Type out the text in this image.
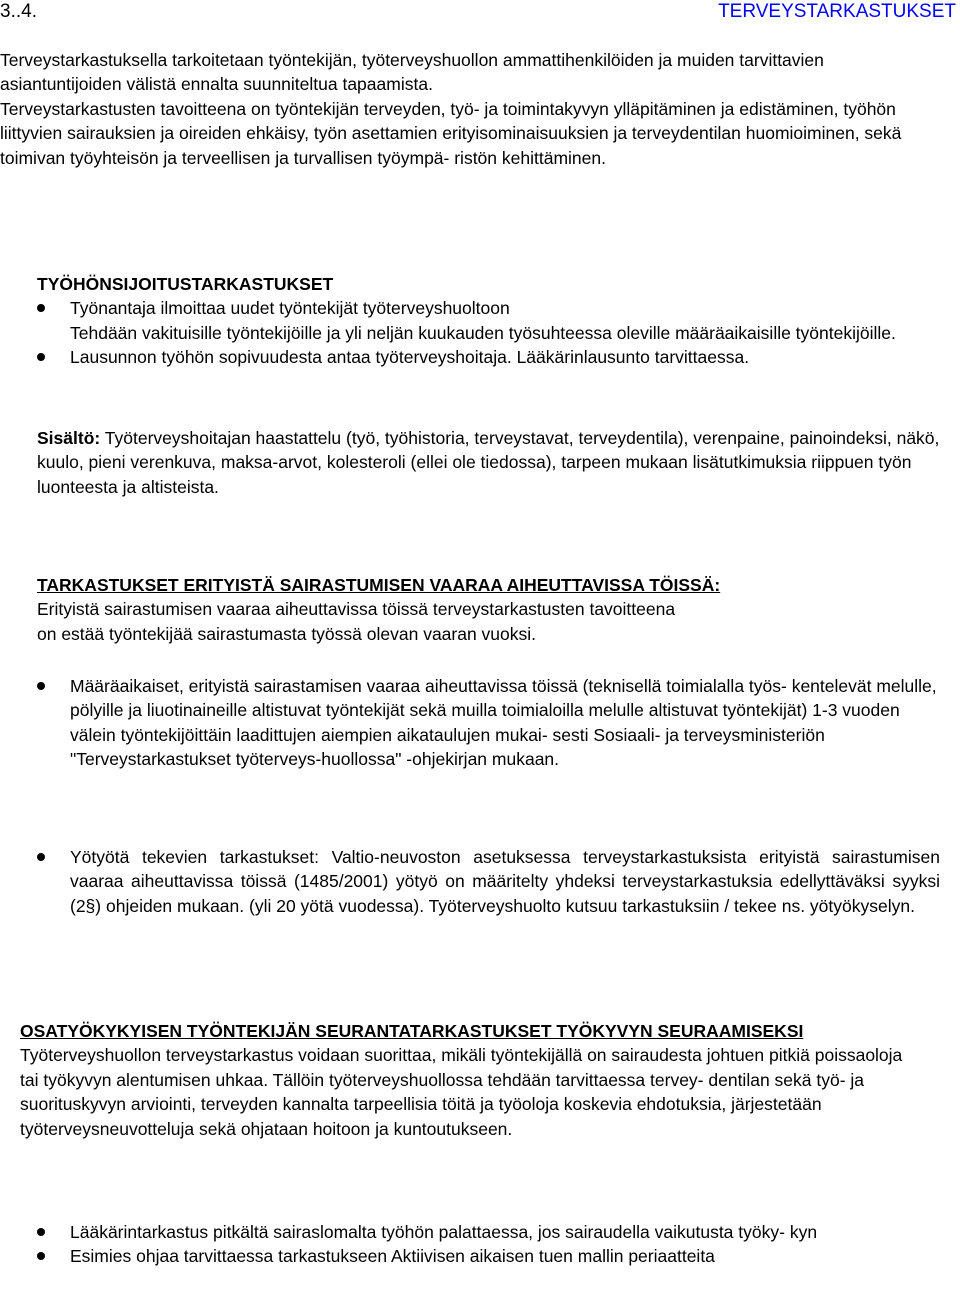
3..4.	TERVEYSTARKASTUKSET

Terveystarkastuksella tarkoitetaan työntekijän, työterveyshuollon ammattihenkilöiden ja muiden tarvittavien asiantuntijoiden välistä ennalta suunniteltua tapaamista.

Terveystarkastusten tavoitteena on työntekijän terveyden, työ- ja toimintakyvyn ylläpitäminen ja edistäminen, työhön liittyvien sairauksien ja oireiden ehkäisy, työn asettamien erityisominaisuuksien ja terveydentilan huomioiminen, sekä toimivan työyhteisön ja terveellisen ja turvallisen työympä- ristön kehittäminen.

TYÖHÖNSIJOITUSTARKASTUKSET

Työnantaja ilmoittaa uudet työntekijät työterveyshuoltoon

Tehdään vakituisille työntekijöille ja yli neljän kuukauden työsuhteessa oleville määräaikaisille työntekijöille.

Lausunnon työhön sopivuudesta antaa työterveyshoitaja. Lääkärinlausunto tarvittaessa.

Sisältö: Työterveyshoitajan haastattelu (työ, työhistoria, terveystavat, terveydentila), verenpaine, painoindeksi, näkö, kuulo, pieni verenkuva, maksa-arvot, kolesteroli (ellei ole tiedossa), tarpeen mukaan lisätutkimuksia riippuen työn luonteesta ja altisteista.

TARKASTUKSET ERITYISTÄ SAIRASTUMISEN VAARAA AIHEUTTAVISSA TÖISSÄ:

Erityistä sairastumisen vaaraa aiheuttavissa töissä terveystarkastusten tavoitteena

on estää työntekijää sairastumasta työssä olevan vaaran vuoksi.

Määräaikaiset, erityistä sairastamisen vaaraa aiheuttavissa töissä (teknisellä toimialalla työs- kentelevät melulle, pölyille ja liuotinaineille altistuvat työntekijät sekä muilla toimialoilla melulle altistuvat työntekijät) 1-3 vuoden välein työntekijöittäin laadittujen aiempien aikataulujen mukai- sesti Sosiaali- ja terveysministeriön "Terveystarkastukset työterveys-huollossa" -ohjekirjan mukaan.
Yötyötä tekevien tarkastukset: Valtio-neuvoston asetuksessa terveystarkastuksista erityistä sairastumisen vaaraa aiheuttavissa töissä (1485/2001) yötyö on määritelty yhdeksi terveystarkastuksia edellyttäväksi syyksi (2§) ohjeiden mukaan. (yli 20 yötä vuodessa). Työterveyshuolto kutsuu tarkastuksiin / tekee ns. yötyökyselyn.

OSATYÖKYKYISEN TYÖNTEKIJÄN SEURANTATARKASTUKSET TYÖKYVYN SEURAAMISEKSI

Työterveyshuollon terveystarkastus voidaan suorittaa, mikäli työntekijällä on sairaudesta johtuen pitkiä poissaoloja tai työkyvyn alentumisen uhkaa. Tällöin työterveyshuollossa tehdään tarvittaessa tervey- dentilan sekä työ- ja suorituskyvyn arviointi, terveyden kannalta tarpeellisia töitä ja työoloja koskevia ehdotuksia, järjestetään työterveysneuvotteluja sekä ohjataan hoitoon ja kuntoutukseen.

Lääkärintarkastus pitkältä sairaslomalta työhön palattaessa, jos sairaudella vaikutusta työky- kyn
Esimies ohjaa tarvittaessa tarkastukseen Aktiivisen aikaisen tuen mallin periaatteita
